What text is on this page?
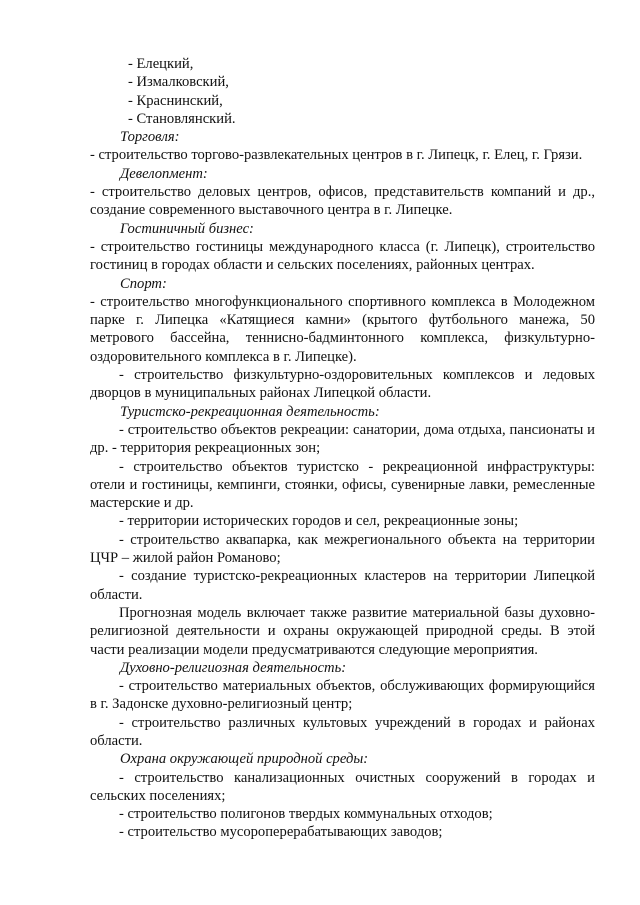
- Елецкий,

- Измалковский,

- Краснинский,

- Становлянский.

Торговля:

- строительство торгово-развлекательных центров в г. Липецк, г. Елец, г. Грязи.

Девелопмент:

- строительство деловых центров, офисов, представительств компаний и др., создание современного выставочного центра в г. Липецке.

Гостиничный бизнес:

- строительство гостиницы международного класса (г. Липецк), строительство гостиниц в городах области и сельских поселениях, районных центрах.

Спорт:

- строительство многофункционального спортивного комплекса в Молодежном парке г. Липецка «Катящиеся камни» (крытого футбольного манежа, 50 метрового бассейна, теннисно-бадминтонного комплекса, физкультурно-оздоровительного комплекса в г. Липецке).

- строительство физкультурно-оздоровительных комплексов и ледовых дворцов в муниципальных районах Липецкой области.

Туристско-рекреационная деятельность:

- строительство объектов рекреации: санатории, дома отдыха, пансионаты и др. - территория рекреационных зон;

- строительство объектов туристско - рекреационной инфраструктуры: отели и гостиницы, кемпинги, стоянки, офисы, сувенирные лавки, ремесленные мастерские и др.

- территории исторических городов и сел, рекреационные зоны;

- строительство аквапарка, как межрегионального объекта на территории ЦЧР – жилой район Романово;

- создание туристско-рекреационных кластеров на территории Липецкой области.

Прогнозная модель включает также развитие материальной базы духовно-религиозной деятельности и охраны окружающей природной среды. В этой части реализации модели предусматриваются следующие мероприятия.

Духовно-религиозная деятельность:

- строительство материальных объектов, обслуживающих формирующийся в г. Задонске духовно-религиозный центр;

- строительство различных культовых учреждений в городах и районах области.

Охрана окружающей природной среды:

- строительство канализационных очистных сооружений в городах и сельских поселениях;

- строительство полигонов твердых коммунальных отходов;

- строительство мусороперерабатывающих заводов;
